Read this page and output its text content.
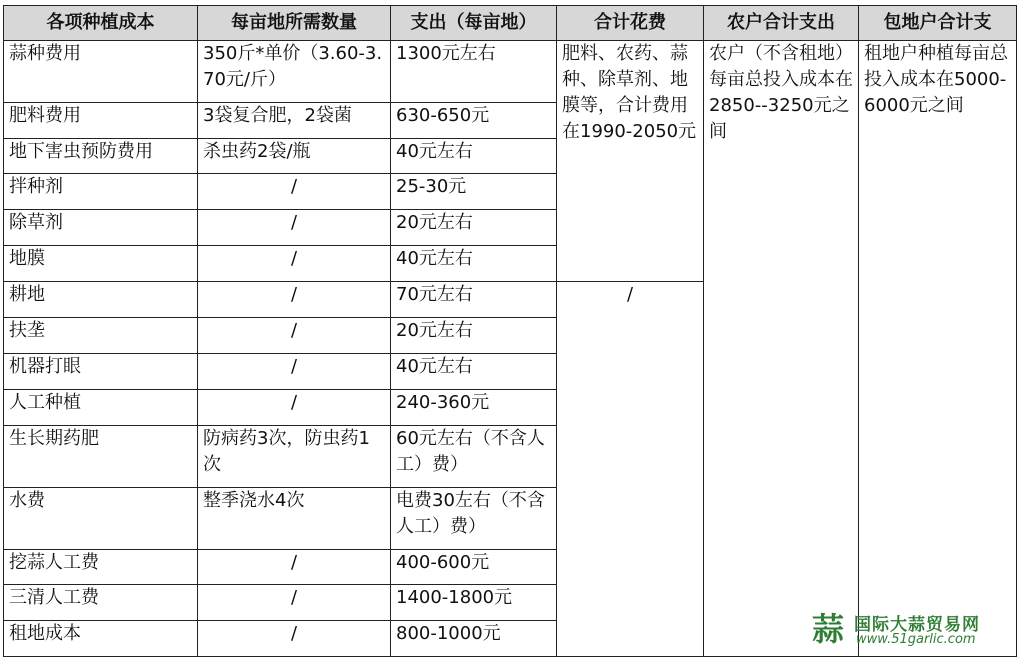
各项种植成本	每亩地所需数量	支出（每亩地）	合计花费	农户合计支出	包地户合计支
蒜种费用	350斤*单价（3.60-3.70元/斤）	1300元左右	肥料、农药、蒜种、除草剂、地膜等，合计费用在1990-2050元	农户（不含租地）每亩总投入成本在2850--3250元之间	租地户种植每亩总投入成本在5000-6000元之间
肥料费用	3袋复合肥，2袋菌	630-650元			
地下害虫预防费用	杀虫药2袋/瓶	40元左右			
拌种剂	/	25-30元			
除草剂	/	20元左右			
地膜	/	40元左右			
耕地	/	70元左右	/		
扶垄	/	20元左右			
机器打眼	/	40元左右			
人工种植	/	240-360元			
生长期药肥	防病药3次，防虫药1次	60元左右（不含人工）费）			
水费	整季浇水4次	电费30左右（不含人工）费）			
挖蒜人工费	/	400-600元			
三清人工费	/	1400-1800元			
租地成本	/	800-1000元				蒜 国际大蒜贸易网
www.51garlic.com
